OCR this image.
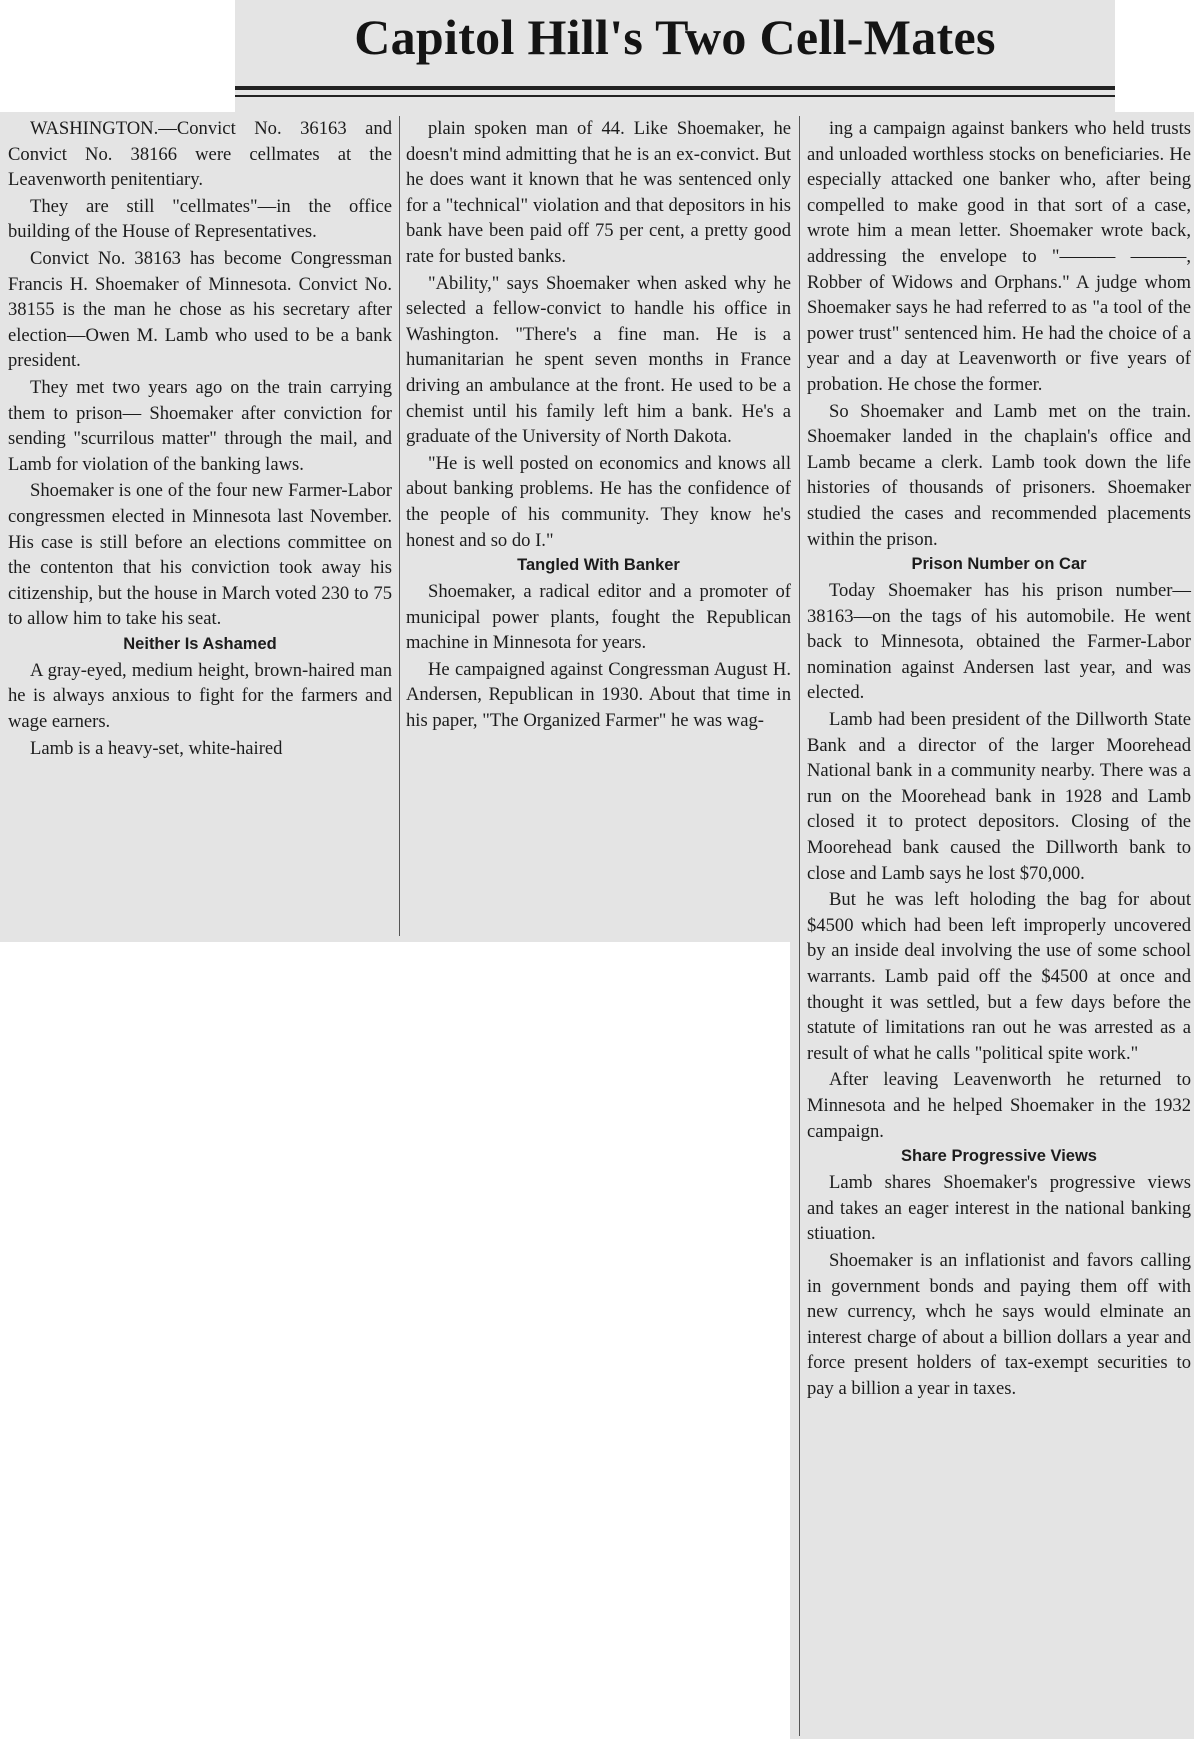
Capitol Hill's Two Cell-Mates

WASHINGTON.—Convict No. 36163 and Convict No. 38166 were cellmates at the Leavenworth penitentiary.

They are still "cellmates"—in the office building of the House of Representatives.

Convict No. 38163 has become Congressman Francis H. Shoemaker of Minnesota. Convict No. 38155 is the man he chose as his secretary after election—Owen M. Lamb who used to be a bank president.

They met two years ago on the train carrying them to prison— Shoemaker after conviction for sending "scurrilous matter" through the mail, and Lamb for violation of the banking laws.

Shoemaker is one of the four new Farmer-Labor congressmen elected in Minnesota last November. His case is still before an elections committee on the contenton that his conviction took away his citizenship, but the house in March voted 230 to 75 to allow him to take his seat.

Neither Is Ashamed

A gray-eyed, medium height, brown-haired man he is always anxious to fight for the farmers and wage earners.

Lamb is a heavy-set, white-haired

plain spoken man of 44. Like Shoemaker, he doesn't mind admitting that he is an ex-convict. But he does want it known that he was sentenced only for a "technical" violation and that depositors in his bank have been paid off 75 per cent, a pretty good rate for busted banks.

"Ability," says Shoemaker when asked why he selected a fellow-convict to handle his office in Washington. "There's a fine man. He is a humanitarian he spent seven months in France driving an ambulance at the front. He used to be a chemist until his family left him a bank. He's a graduate of the University of North Dakota.

"He is well posted on economics and knows all about banking problems. He has the confidence of the people of his community. They know he's honest and so do I."

Tangled With Banker

Shoemaker, a radical editor and a promoter of municipal power plants, fought the Republican machine in Minnesota for years.

He campaigned against Congressman August H. Andersen, Republican in 1930. About that time in his paper, "The Organized Farmer" he was wag-

ing a campaign against bankers who held trusts and unloaded worthless stocks on beneficiaries. He especially attacked one banker who, after being compelled to make good in that sort of a case, wrote him a mean letter. Shoemaker wrote back, addressing the envelope to "——— ———, Robber of Widows and Orphans." A judge whom Shoemaker says he had referred to as "a tool of the power trust" sentenced him. He had the choice of a year and a day at Leavenworth or five years of probation. He chose the former.

So Shoemaker and Lamb met on the train. Shoemaker landed in the chaplain's office and Lamb became a clerk. Lamb took down the life histories of thousands of prisoners. Shoemaker studied the cases and recommended placements within the prison.

Prison Number on Car

Today Shoemaker has his prison number—38163—on the tags of his automobile. He went back to Minnesota, obtained the Farmer-Labor nomination against Andersen last year, and was elected.

Lamb had been president of the Dillworth State Bank and a director of the larger Moorehead National bank in a community nearby. There was a run on the Moorehead bank in 1928 and Lamb closed it to protect depositors. Closing of the Moorehead bank caused the Dillworth bank to close and Lamb says he lost $70,000.

But he was left holoding the bag for about $4500 which had been left improperly uncovered by an inside deal involving the use of some school warrants. Lamb paid off the $4500 at once and thought it was settled, but a few days before the statute of limitations ran out he was arrested as a result of what he calls "political spite work."

After leaving Leavenworth he returned to Minnesota and he helped Shoemaker in the 1932 campaign.

Share Progressive Views

Lamb shares Shoemaker's progressive views and takes an eager interest in the national banking stiuation.

Shoemaker is an inflationist and favors calling in government bonds and paying them off with new currency, whch he says would elminate an interest charge of about a billion dollars a year and force present holders of tax-exempt securities to pay a billion a year in taxes.
